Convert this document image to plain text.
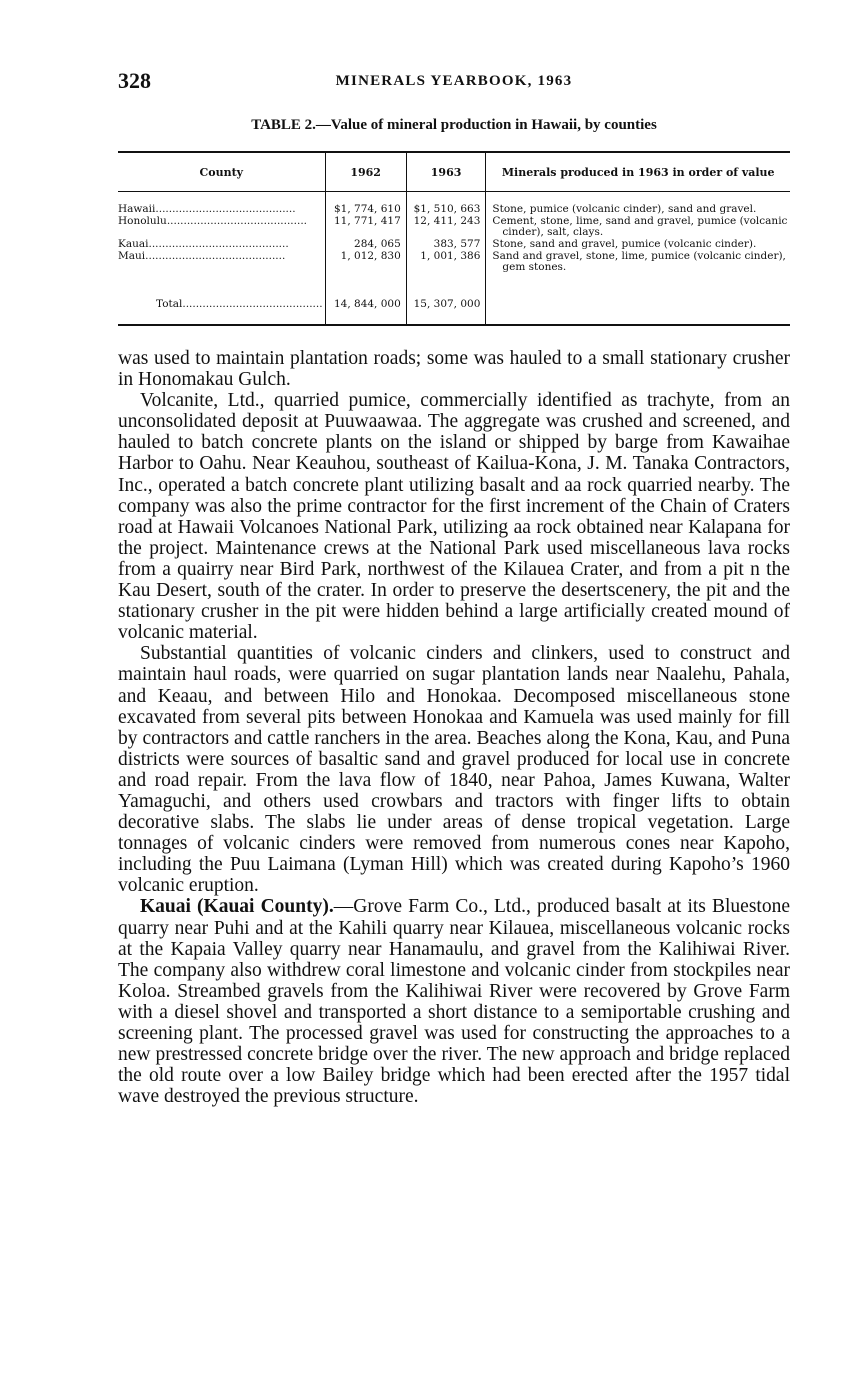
328	MINERALS YEARBOOK, 1963
TABLE 2.—Value of mineral production in Hawaii, by counties
County	1962	1963	Minerals produced in 1963 in order of value
Hawaii..........................................	$1, 774, 610	$1, 510, 663	Stone, pumice (volcanic cinder), sand and gravel.

Honolulu..........................................	11, 771, 417	12, 411, 243	Cement, stone, lime, sand and gravel, pumice (volcanic cinder), salt, clays.

Kauai..........................................	284, 065	383, 577	Stone, sand and gravel, pumice (volcanic cinder).

Maui..........................................	1, 012, 830	1, 001, 386	Sand and gravel, stone, lime, pumice (volcanic cinder), gem stones.

Total..........................................	14, 844, 000	15, 307, 000	

was used to maintain plantation roads; some was hauled to a small stationary crusher in Honomakau Gulch.

Volcanite, Ltd., quarried pumice, commercially identified as trachyte, from an unconsolidated deposit at Puuwaawaa. The aggregate was crushed and screened, and hauled to batch concrete plants on the island or shipped by barge from Kawaihae Harbor to Oahu. Near Keauhou, southeast of Kailua-Kona, J. M. Tanaka Contractors, Inc., operated a batch concrete plant utilizing basalt and aa rock quarried nearby. The company was also the prime contractor for the first increment of the Chain of Craters road at Hawaii Volcanoes National Park, utilizing aa rock obtained near Kalapana for the project. Maintenance crews at the National Park used miscellaneous lava rocks from a quairry near Bird Park, northwest of the Kilauea Crater, and from a pit n the Kau Desert, south of the crater. In order to preserve the desertscenery, the pit and the stationary crusher in the pit were hidden behind a large artificially created mound of volcanic material.

Substantial quantities of volcanic cinders and clinkers, used to construct and maintain haul roads, were quarried on sugar plantation lands near Naalehu, Pahala, and Keaau, and between Hilo and Honokaa. Decomposed miscellaneous stone excavated from several pits between Honokaa and Kamuela was used mainly for fill by contractors and cattle ranchers in the area. Beaches along the Kona, Kau, and Puna districts were sources of basaltic sand and gravel produced for local use in concrete and road repair. From the lava flow of 1840, near Pahoa, James Kuwana, Walter Yamaguchi, and others used crowbars and tractors with finger lifts to obtain decorative slabs. The slabs lie under areas of dense tropical vegetation. Large tonnages of volcanic cinders were removed from numerous cones near Kapoho, including the Puu Laimana (Lyman Hill) which was created during Kapoho’s 1960 volcanic eruption.

Kauai (Kauai County).—Grove Farm Co., Ltd., produced basalt at its Bluestone quarry near Puhi and at the Kahili quarry near Kilauea, miscellaneous volcanic rocks at the Kapaia Valley quarry near Hanamaulu, and gravel from the Kalihiwai River. The company also withdrew coral limestone and volcanic cinder from stockpiles near Koloa. Streambed gravels from the Kalihiwai River were recovered by Grove Farm with a diesel shovel and transported a short distance to a semiportable crushing and screening plant. The processed gravel was used for constructing the approaches to a new prestressed concrete bridge over the river. The new approach and bridge replaced the old route over a low Bailey bridge which had been erected after the 1957 tidal wave destroyed the previous structure.
